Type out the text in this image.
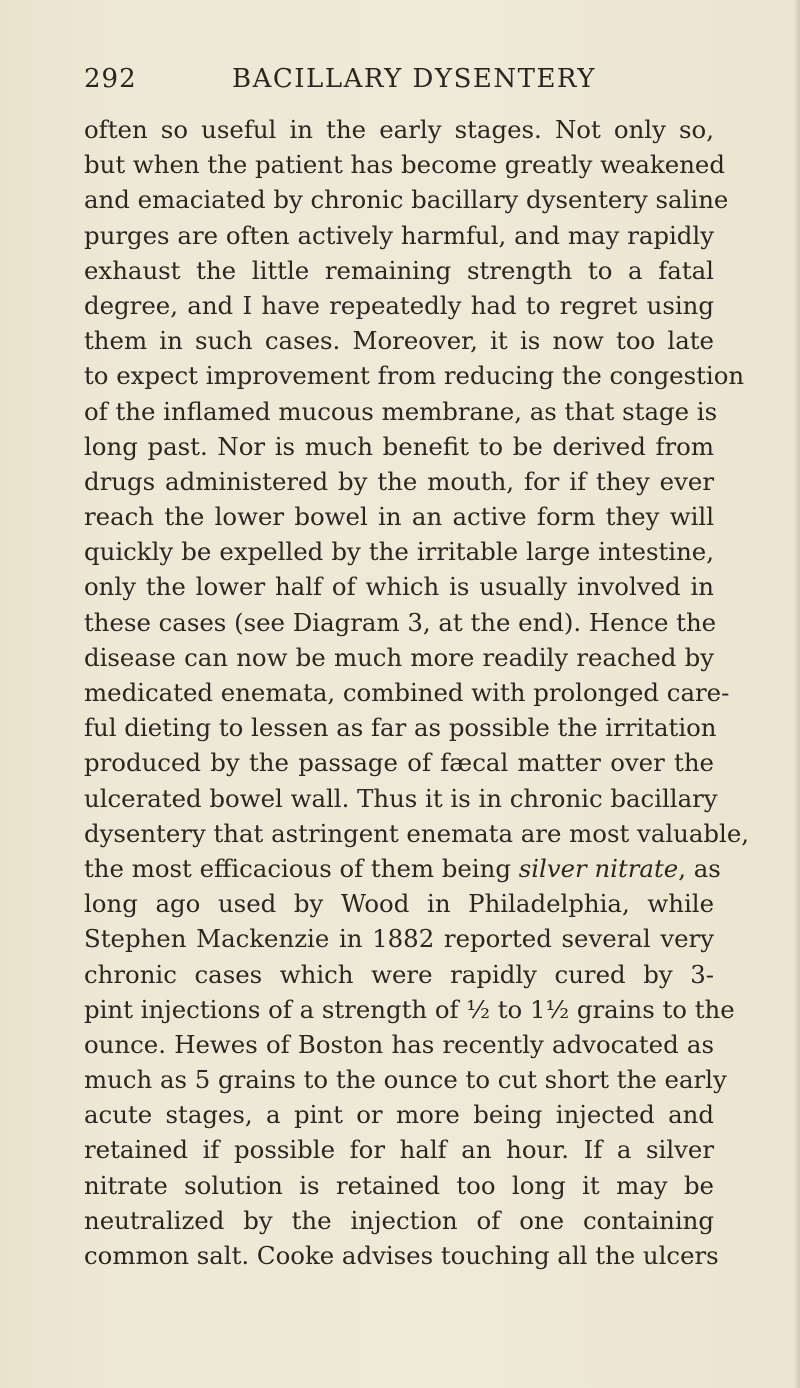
292	BACILLARY DYSENTERY
often so useful in the early stages. Not only so,
but when the patient has become greatly weakened
and emaciated by chronic bacillary dysentery saline
purges are often actively harmful, and may rapidly
exhaust the little remaining strength to a fatal
degree, and I have repeatedly had to regret using
them in such cases. Moreover, it is now too late
to expect improvement from reducing the congestion
of the inflamed mucous membrane, as that stage is
long past. Nor is much benefit to be derived from
drugs administered by the mouth, for if they ever
reach the lower bowel in an active form they will
quickly be expelled by the irritable large intestine,
only the lower half of which is usually involved in
these cases (see Diagram 3, at the end). Hence the
disease can now be much more readily reached by
medicated enemata, combined with prolonged care-
ful dieting to lessen as far as possible the irritation
produced by the passage of fæcal matter over the
ulcerated bowel wall. Thus it is in chronic bacillary
dysentery that astringent enemata are most valuable,
the most efficacious of them being silver nitrate, as
long ago used by Wood in Philadelphia, while
Stephen Mackenzie in 1882 reported several very
chronic cases which were rapidly cured by 3-
pint injections of a strength of ½ to 1½ grains to the
ounce. Hewes of Boston has recently advocated as
much as 5 grains to the ounce to cut short the early
acute stages, a pint or more being injected and
retained if possible for half an hour. If a silver
nitrate solution is retained too long it may be
neutralized by the injection of one containing
common salt. Cooke advises touching all the ulcers
